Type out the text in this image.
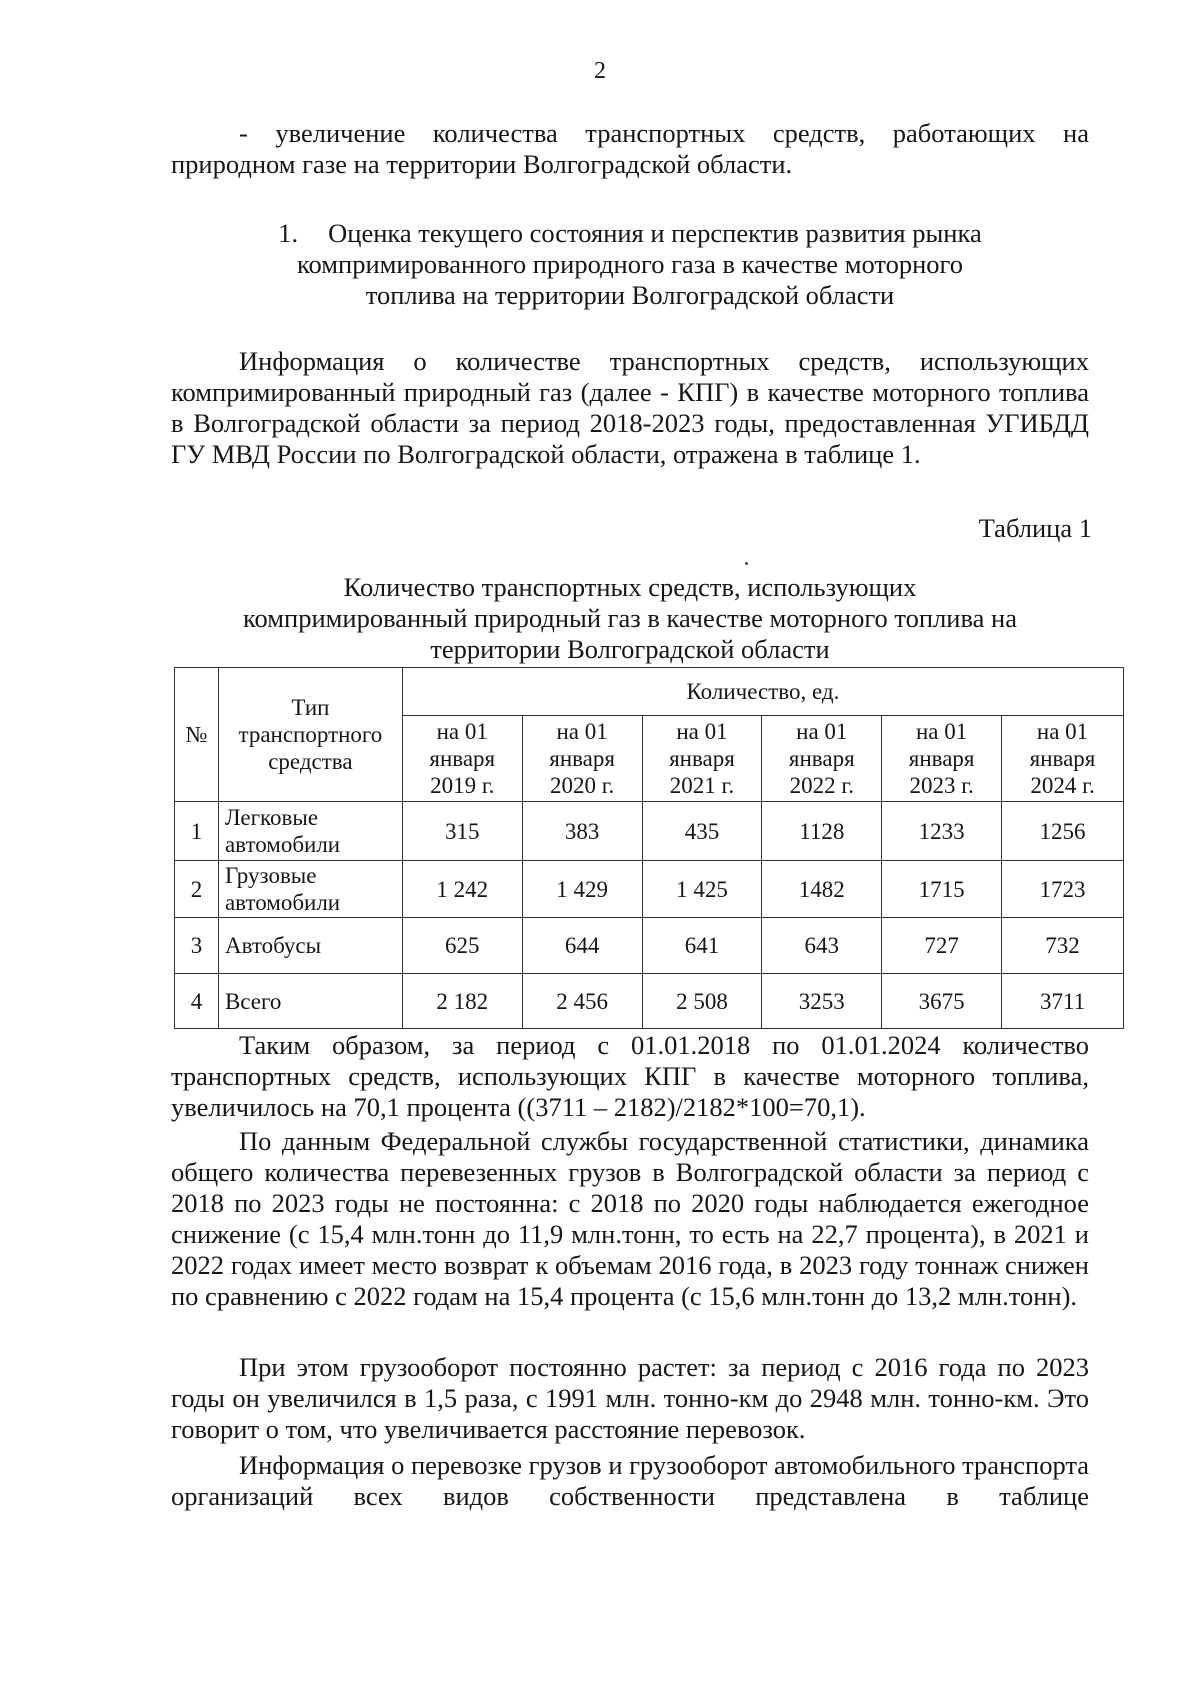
2

- увеличение количества транспортных средств, работающих на природном газе на территории Волгоградской области.

1. Оценка текущего состояния и перспектив развития рынка компримированного природного газа в качестве моторного топлива на территории Волгоградской области

Информация о количестве транспортных средств, использующих компримированный природный газ (далее - КПГ) в качестве моторного топлива в Волгоградской области за период 2018-2023 годы, предоставленная УГИБДД ГУ МВД России по Волгоградской области, отражена в таблице 1.

Таблица 1

Количество транспортных средств, использующих компримированный природный газ в качестве моторного топлива на территории Волгоградской области

№	Тип транспортного средства	Количество, ед.					
		на 01 января 2019 г.	на 01 января 2020 г.	на 01 января 2021 г.	на 01 января 2022 г.	на 01 января 2023 г.	на 01 января 2024 г.
1	Легковые автомобили	315	383	435	1128	1233	1256
2	Грузовые автомобили	1 242	1 429	1 425	1482	1715	1723
3	Автобусы	625	644	641	643	727	732
4	Всего	2 182	2 456	2 508	3253	3675	3711

Таким образом, за период с 01.01.2018 по 01.01.2024 количество транспортных средств, использующих КПГ в качестве моторного топлива, увеличилось на 70,1 процента ((3711 – 2182)/2182*100=70,1).

По данным Федеральной службы государственной статистики, динамика общего количества перевезенных грузов в Волгоградской области за период с 2018 по 2023 годы не постоянна: с 2018 по 2020 годы наблюдается ежегодное снижение (с 15,4 млн.тонн до 11,9 млн.тонн, то есть на 22,7 процента), в 2021 и 2022 годах имеет место возврат к объемам 2016 года, в 2023 году тоннаж снижен по сравнению с 2022 годам на 15,4 процента (с 15,6 млн.тонн до 13,2 млн.тонн).

При этом грузооборот постоянно растет: за период с 2016 года по 2023 годы он увеличился в 1,5 раза, с 1991 млн. тонно-км до 2948 млн. тонно-км. Это говорит о том, что увеличивается расстояние перевозок.

Информация о перевозке грузов и грузооборот автомобильного транспорта организаций всех видов собственности представлена в таблице
